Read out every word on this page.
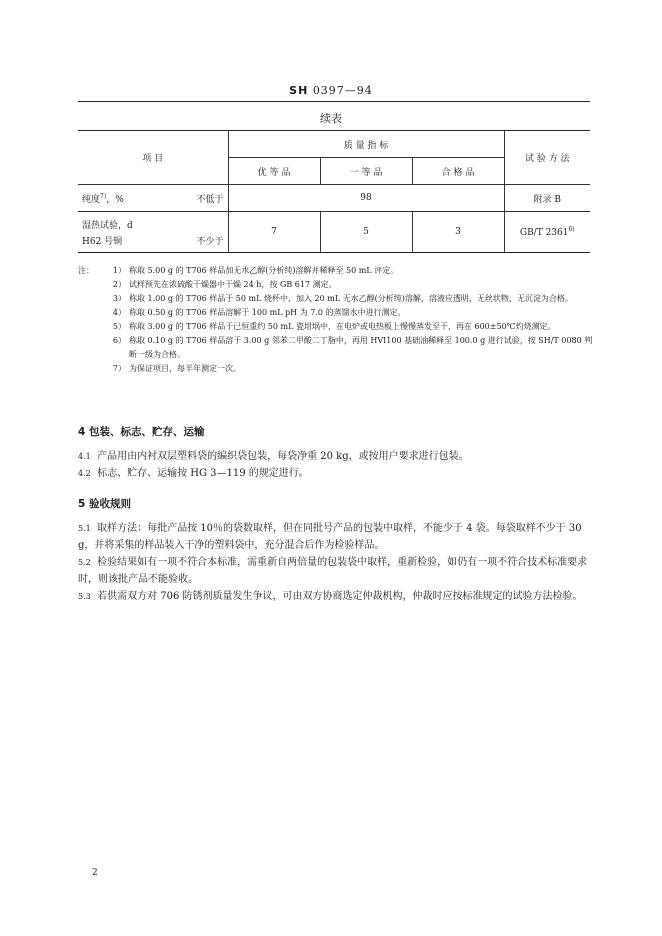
SH 0397—94
续表
项 目	质 量 指 标			试 验 方 法
	优 等 品	一 等 品	合 格 品	

纯度$^{7)}$，% 不低于	98			附录 B

湿热试验，d
H62 号铜 不少于	7	5	3	GB/T 2361$^{6)}$
注：	1） 称取 5.00 g 的 T706 样品加无水乙醇(分析纯)溶解并稀释至 50 mL 评定。
2） 试样预先在浓硫酸干燥器中干燥 24 h，按 GB 617 测定。
3） 称取 1.00 g 的 T706 样品于 50 mL 烧杯中，加入 20 mL 无水乙醇(分析纯)溶解，溶液应透明，无丝状物、无沉淀为合格。
4） 称取 0.50 g 的 T706 样品溶解于 100 mL pH 为 7.0 的蒸馏水中进行测定。
5） 称取 3.00 g 的 T706 样品于已恒重约 50 mL 瓷坩埚中，在电炉或电热板上慢慢蒸发至干，再在 600±50℃灼烧测定。
6） 称取 0.10 g 的 T706 样品溶于 3.00 g 邻苯二甲酸二丁脂中，再用 HVI100 基础油稀释至 100.0 g 进行试验，按 SH/T 0080 判断一级为合格。
7） 为保证项目，每半年测定一次。
4 包装、标志、贮存、运输
4.1 产品用由内衬双层塑料袋的编织袋包装，每袋净重 20 kg，或按用户要求进行包装。
4.2 标志、贮存、运输按 HG 3—119 的规定进行。
5 验收规则
5.1 取样方法：每批产品按 10％的袋数取样，但在同批号产品的包装中取样，不能少于 4 袋。每袋取样不少于 30 g，并将采集的样品装入干净的塑料袋中，充分混合后作为检验样品。
5.2 检验结果如有一项不符合本标准，需重新自两倍量的包装袋中取样，重新检验，如仍有一项不符合技术标准要求时，则该批产品不能验收。
5.3 若供需双方对 706 防锈剂质量发生争议，可由双方协商选定仲裁机构，仲裁时应按标准规定的试验方法检验。
2
